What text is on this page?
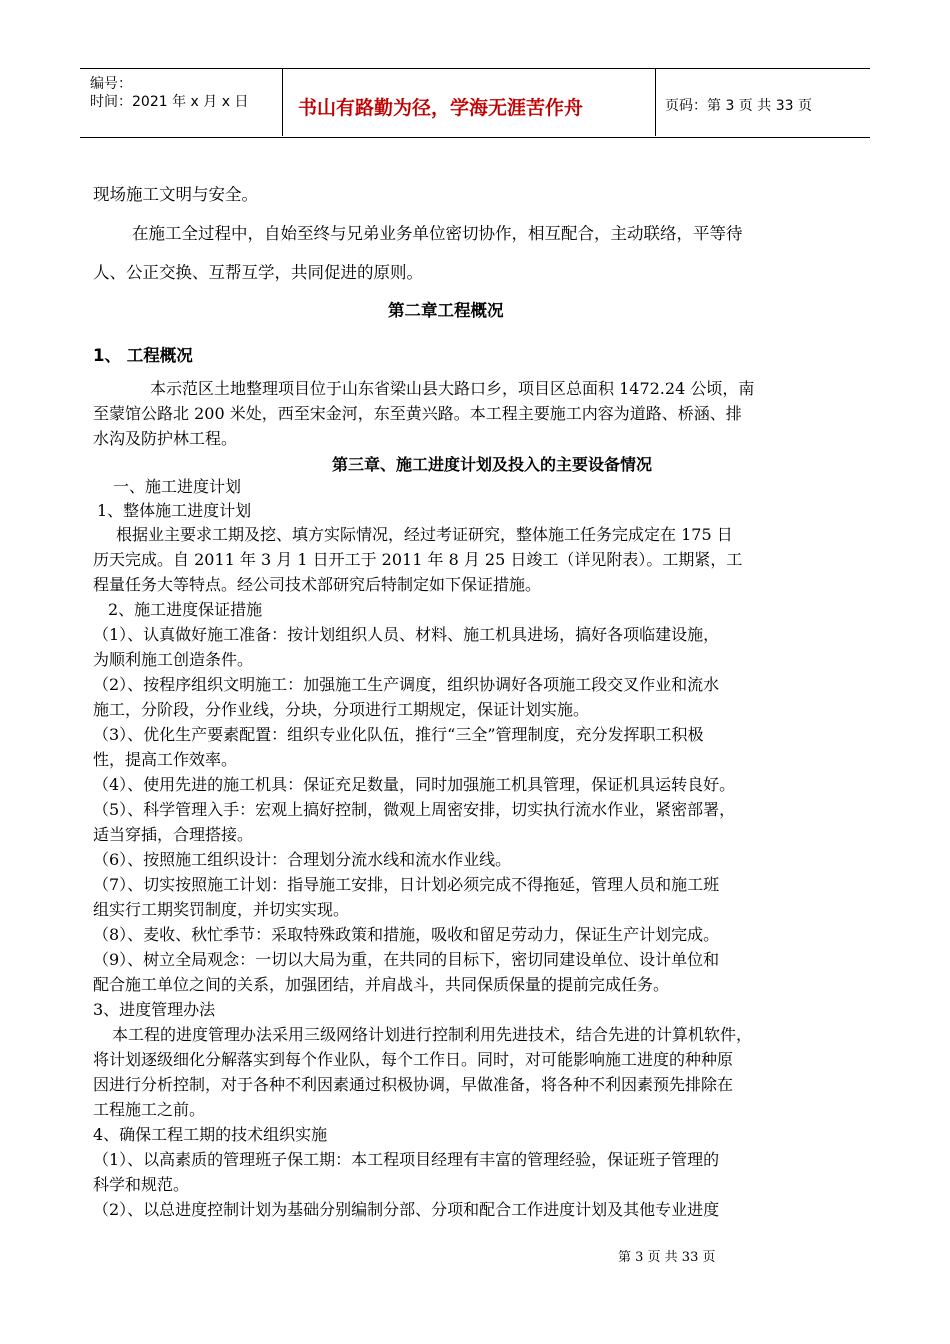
编号：
时间：2021 年 x 月 x 日	书山有路勤为径，学海无涯苦作舟	页码：第 3 页 共 33 页
现场施工文明与安全。
在施工全过程中，自始至终与兄弟业务单位密切协作，相互配合，主动联络，平等待
人、公正交换、互帮互学，共同促进的原则。
第二章工程概况
1、 工程概况
本示范区土地整理项目位于山东省梁山县大路口乡，项目区总面积 1472.24 公顷，南
至蒙馆公路北 200 米处，西至宋金河，东至黄兴路。本工程主要施工内容为道路、桥涵、排
水沟及防护林工程。
第三章、施工进度计划及投入的主要设备情况
一、施工进度计划
1、整体施工进度计划
根据业主要求工期及挖、填方实际情况，经过考证研究，整体施工任务完成定在 175 日
历天完成。自 2011 年 3 月 1 日开工于 2011 年 8 月 25 日竣工（详见附表）。工期紧，工
程量任务大等特点。经公司技术部研究后特制定如下保证措施。
2、施工进度保证措施
（1）、认真做好施工准备：按计划组织人员、材料、施工机具进场，搞好各项临建设施，
为顺利施工创造条件。
（2）、按程序组织文明施工：加强施工生产调度，组织协调好各项施工段交叉作业和流水
施工，分阶段，分作业线，分块，分项进行工期规定，保证计划实施。
（3）、优化生产要素配置：组织专业化队伍，推行“三全”管理制度，充分发挥职工积极
性，提高工作效率。
（4）、使用先进的施工机具：保证充足数量，同时加强施工机具管理，保证机具运转良好。
（5）、科学管理入手：宏观上搞好控制，微观上周密安排，切实执行流水作业，紧密部署，
适当穿插，合理搭接。
（6）、按照施工组织设计：合理划分流水线和流水作业线。
（7）、切实按照施工计划：指导施工安排，日计划必须完成不得拖延，管理人员和施工班
组实行工期奖罚制度，并切实实现。
（8）、麦收、秋忙季节：采取特殊政策和措施，吸收和留足劳动力，保证生产计划完成。
（9）、树立全局观念：一切以大局为重，在共同的目标下，密切同建设单位、设计单位和
配合施工单位之间的关系，加强团结，并肩战斗，共同保质保量的提前完成任务。
3、进度管理办法
本工程的进度管理办法采用三级网络计划进行控制利用先进技术，结合先进的计算机软件，
将计划逐级细化分解落实到每个作业队，每个工作日。同时，对可能影响施工进度的种种原
因进行分析控制，对于各种不利因素通过积极协调，早做准备，将各种不利因素预先排除在
工程施工之前。
4、确保工程工期的技术组织实施
（1）、以高素质的管理班子保工期：本工程项目经理有丰富的管理经验，保证班子管理的
科学和规范。
（2）、以总进度控制计划为基础分别编制分部、分项和配合工作进度计划及其他专业进度
第 3 页 共 33 页
